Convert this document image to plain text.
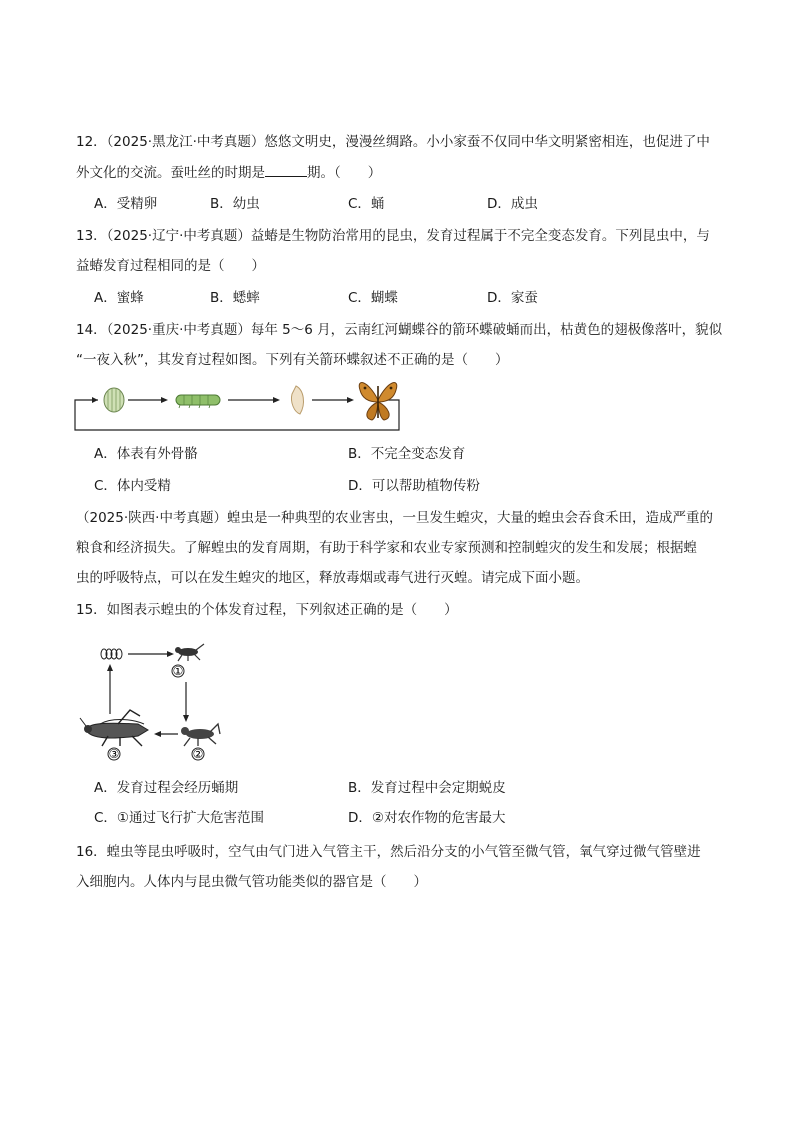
12．（2025·黑龙江·中考真题）悠悠文明史，漫漫丝绸路。小小家蚕不仅同中华文明紧密相连，也促进了中
外文化的交流。蚕吐丝的时期是	期。（　　）
A．受精卵	B．幼虫	C．蛹	D．成虫
13．（2025·辽宁·中考真题）益蝽是生物防治常用的昆虫，发育过程属于不完全变态发育。下列昆虫中，与
益蝽发育过程相同的是（　　）
A．蜜蜂	B．蟋蟀	C．蝴蝶	D．家蚕
14．（2025·重庆·中考真题）每年 5～6 月，云南红河蝴蝶谷的箭环蝶破蛹而出，枯黄色的翅极像落叶，貌似
“一夜入秋”，其发育过程如图。下列有关箭环蝶叙述不正确的是（　　）
A．体表有外骨骼	B．不完全变态发育
C．体内受精	D．可以帮助植物传粉
（2025·陕西·中考真题）蝗虫是一种典型的农业害虫，一旦发生蝗灾，大量的蝗虫会吞食禾田，造成严重的
粮食和经济损失。了解蝗虫的发育周期，有助于科学家和农业专家预测和控制蝗灾的发生和发展；根据蝗
虫的呼吸特点，可以在发生蝗灾的地区，释放毒烟或毒气进行灭蝗。请完成下面小题。
15．如图表示蝗虫的个体发育过程，下列叙述正确的是（　　）
①
②
③
A．发育过程会经历蛹期	B．发育过程中会定期蜕皮
C．①通过飞行扩大危害范围	D．②对农作物的危害最大
16．蝗虫等昆虫呼吸时，空气由气门进入气管主干，然后沿分支的小气管至微气管，氧气穿过微气管壁进
入细胞内。人体内与昆虫微气管功能类似的器官是（　　）
